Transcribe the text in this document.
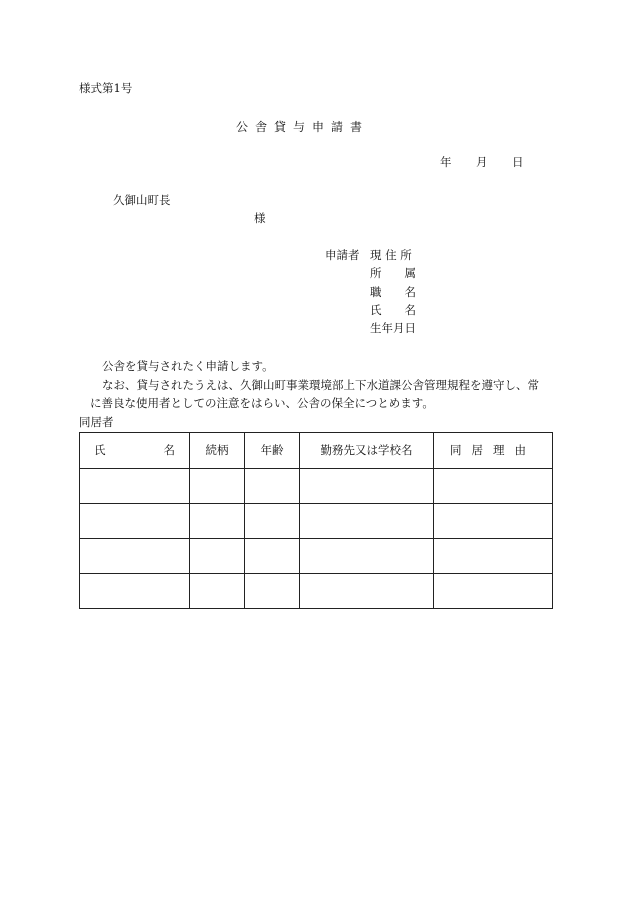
様式第1号
公舎貸与申請書
年 月 日
久御山町長
様
申請者 現 住 所
所　　属
職　　名
氏　　名
生年月日
公舎を貸与されたく申請します。
なお、貸与されたうえは、久御山町事業環境部上下水道課公舎管理規程を遵守し、常
に善良な使用者としての注意をはらい、公舎の保全につとめます。
同居者
氏 名	続柄	年齢	勤務先又は学校名	同居理由
